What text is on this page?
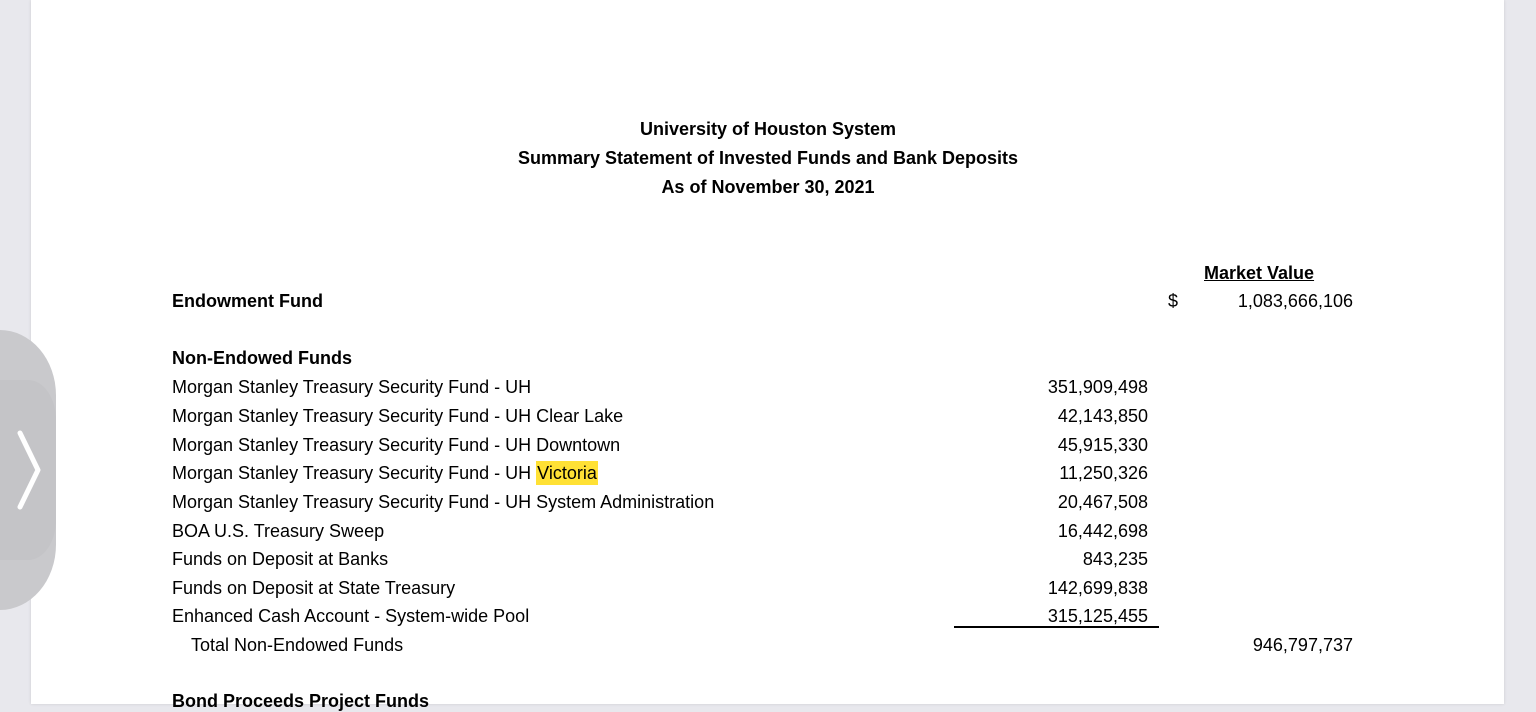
University of Houston System
Summary Statement of Invested Funds and Bank Deposits
As of November 30, 2021
Market Value
Endowment Fund	$	1,083,666,106
Non-Endowed Funds
Morgan Stanley Treasury Security Fund - UH	351,909,498
Morgan Stanley Treasury Security Fund - UH Clear Lake	42,143,850
Morgan Stanley Treasury Security Fund - UH Downtown	45,915,330
Morgan Stanley Treasury Security Fund - UH Victoria	11,250,326
Morgan Stanley Treasury Security Fund - UH System Administration	20,467,508
BOA U.S. Treasury Sweep	16,442,698
Funds on Deposit at Banks	843,235
Funds on Deposit at State Treasury	142,699,838
Enhanced Cash Account - System-wide Pool	315,125,455
Total Non-Endowed Funds	946,797,737
Bond Proceeds Project Funds
